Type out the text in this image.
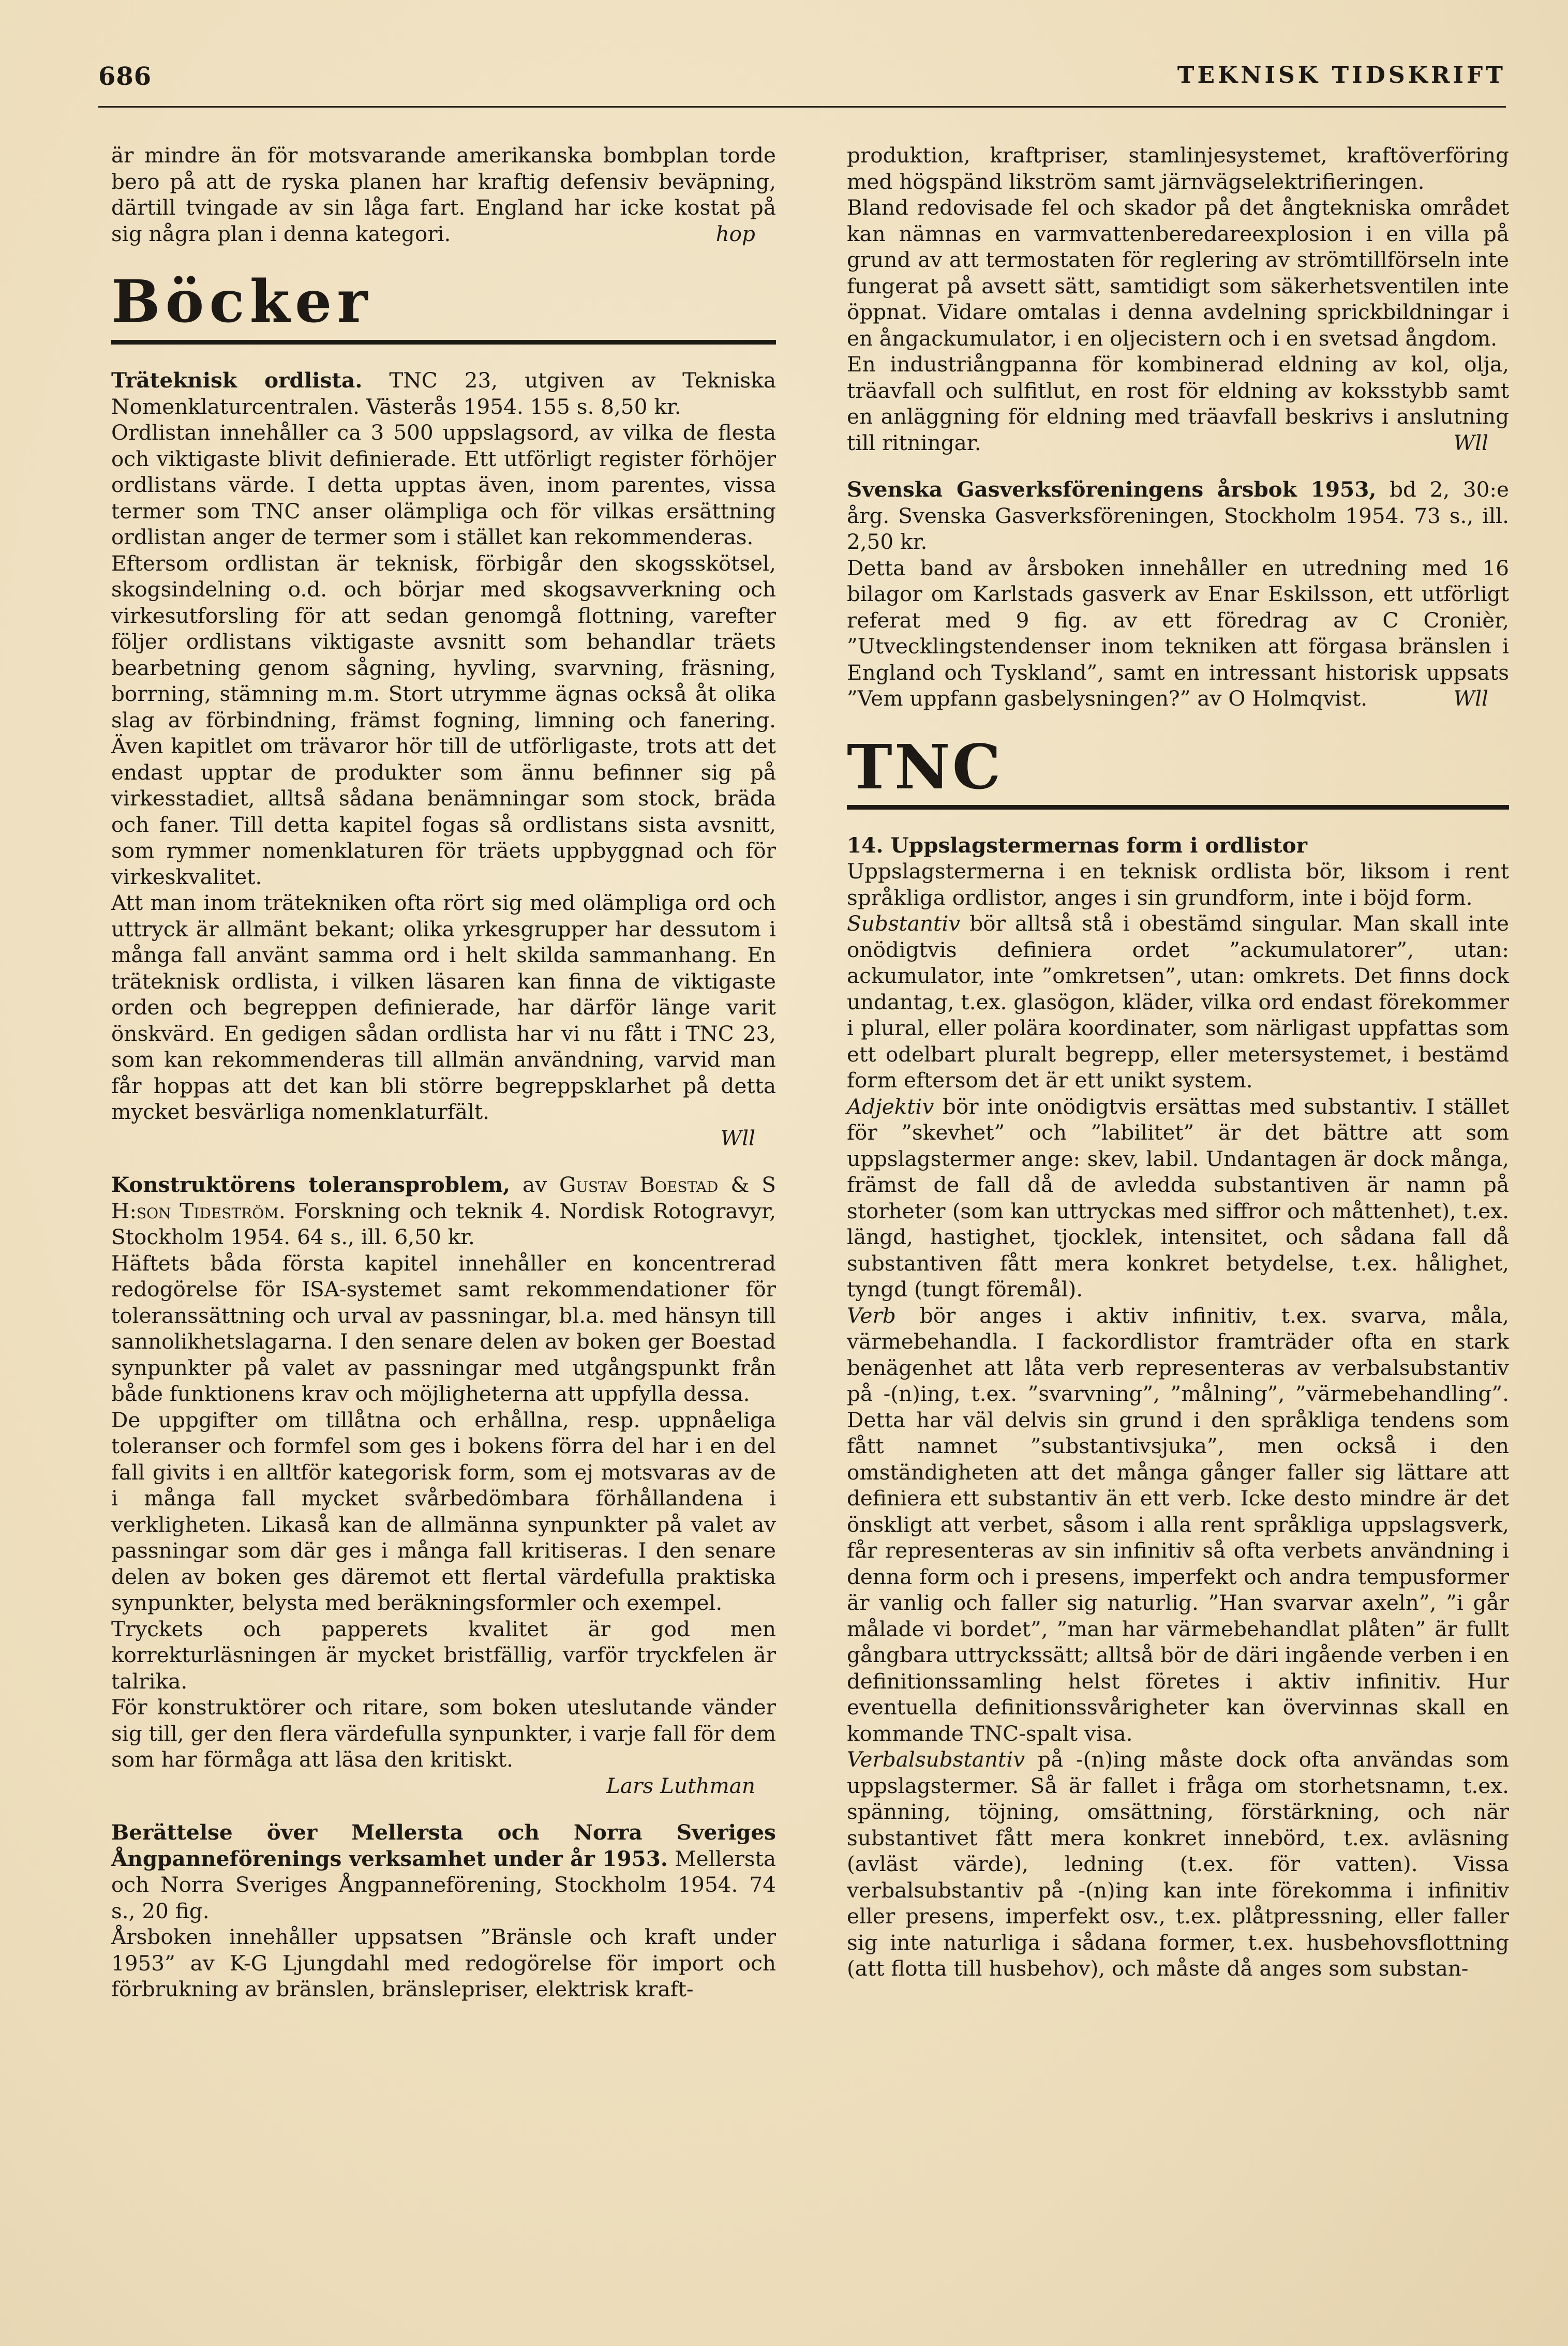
686	TEKNISK TIDSKRIFT

är mindre än för motsvarande amerikanska bombplan torde bero på att de ryska planen har kraftig defensiv beväpning, därtill tvingade av sin låga fart. England har icke kostat på sig några plan i denna kategori.	hop

Böcker

Träteknisk ordlista. TNC 23, utgiven av Tekniska Nomenklaturcentralen. Västerås 1954. 155 s. 8,50 kr.

Ordlistan innehåller ca 3 500 uppslagsord, av vilka de flesta och viktigaste blivit definierade. Ett utförligt register förhöjer ordlistans värde. I detta upptas även, inom parentes, vissa termer som TNC anser olämpliga och för vilkas ersättning ordlistan anger de termer som i stället kan rekommenderas.

Eftersom ordlistan är teknisk, förbigår den skogsskötsel, skogsindelning o.d. och börjar med skogsavverkning och virkesutforsling för att sedan genomgå flottning, varefter följer ordlistans viktigaste avsnitt som behandlar träets bearbetning genom sågning, hyvling, svarvning, fräsning, borrning, stämning m.m. Stort utrymme ägnas också åt olika slag av förbindning, främst fogning, limning och fanering. Även kapitlet om trävaror hör till de utförligaste, trots att det endast upptar de produkter som ännu befinner sig på virkesstadiet, alltså sådana benämningar som stock, bräda och faner. Till detta kapitel fogas så ordlistans sista avsnitt, som rymmer nomenklaturen för träets uppbyggnad och för virkeskvalitet.

Att man inom trätekniken ofta rört sig med olämpliga ord och uttryck är allmänt bekant; olika yrkesgrupper har dessutom i många fall använt samma ord i helt skilda sammanhang. En träteknisk ordlista, i vilken läsaren kan finna de viktigaste orden och begreppen definierade, har därför länge varit önskvärd. En gedigen sådan ordlista har vi nu fått i TNC 23, som kan rekommenderas till allmän användning, varvid man får hoppas att det kan bli större begreppsklarhet på detta mycket besvärliga nomenklaturfält.

Wll

Konstruktörens toleransproblem, av Gustav Boestad & S H:son Tideström. Forskning och teknik 4. Nordisk Rotogravyr, Stockholm 1954. 64 s., ill. 6,50 kr.

Häftets båda första kapitel innehåller en koncentrerad redogörelse för ISA-systemet samt rekommendationer för toleranssättning och urval av passningar, bl.a. med hänsyn till sannolikhetslagarna. I den senare delen av boken ger Boestad synpunkter på valet av passningar med utgångspunkt från både funktionens krav och möjligheterna att uppfylla dessa.

De uppgifter om tillåtna och erhållna, resp. uppnåeliga toleranser och formfel som ges i bokens förra del har i en del fall givits i en alltför kategorisk form, som ej motsvaras av de i många fall mycket svårbedömbara förhållandena i verkligheten. Likaså kan de allmänna synpunkter på valet av passningar som där ges i många fall kritiseras. I den senare delen av boken ges däremot ett flertal värdefulla praktiska synpunkter, belysta med beräkningsformler och exempel.

Tryckets och papperets kvalitet är god men korrekturläsningen är mycket bristfällig, varför tryckfelen är talrika.

För konstruktörer och ritare, som boken uteslutande vänder sig till, ger den flera värdefulla synpunkter, i varje fall för dem som har förmåga att läsa den kritiskt.

Lars Luthman

Berättelse över Mellersta och Norra Sveriges Ångpanneförenings verksamhet under år 1953. Mellersta och Norra Sveriges Ångpanneförening, Stockholm 1954. 74 s., 20 fig.

Årsboken innehåller uppsatsen ”Bränsle och kraft under 1953” av K-G Ljungdahl med redogörelse för import och förbrukning av bränslen, bränslepriser, elektrisk kraft-

produktion, kraftpriser, stamlinjesystemet, kraftöverföring med högspänd likström samt järnvägselektrifieringen.

Bland redovisade fel och skador på det ångtekniska området kan nämnas en varmvattenberedareexplosion i en villa på grund av att termostaten för reglering av strömtillförseln inte fungerat på avsett sätt, samtidigt som säkerhetsventilen inte öppnat. Vidare omtalas i denna avdelning sprickbildningar i en ångackumulator, i en oljecistern och i en svetsad ångdom.

En industriångpanna för kombinerad eldning av kol, olja, träavfall och sulfitlut, en rost för eldning av koksstybb samt en anläggning för eldning med träavfall beskrivs i anslutning till ritningar.	Wll

Svenska Gasverksföreningens årsbok 1953, bd 2, 30:e årg. Svenska Gasverksföreningen, Stockholm 1954. 73 s., ill. 2,50 kr.

Detta band av årsboken innehåller en utredning med 16 bilagor om Karlstads gasverk av Enar Eskilsson, ett utförligt referat med 9 fig. av ett föredrag av C Cronièr, ”Utvecklingstendenser inom tekniken att förgasa bränslen i England och Tyskland”, samt en intressant historisk uppsats ”Vem uppfann gasbelysningen?” av O Holmqvist.	Wll

TNC

14. Uppslagstermernas form i ordlistor

Uppslagstermerna i en teknisk ordlista bör, liksom i rent språkliga ordlistor, anges i sin grundform, inte i böjd form.

Substantiv bör alltså stå i obestämd singular. Man skall inte onödigtvis definiera ordet ”ackumulatorer”, utan: ackumulator, inte ”omkretsen”, utan: omkrets. Det finns dock undantag, t.ex. glasögon, kläder, vilka ord endast förekommer i plural, eller polära koordinater, som närligast uppfattas som ett odelbart pluralt begrepp, eller metersystemet, i bestämd form eftersom det är ett unikt system.

Adjektiv bör inte onödigtvis ersättas med substantiv. I stället för ”skevhet” och ”labilitet” är det bättre att som uppslagstermer ange: skev, labil. Undantagen är dock många, främst de fall då de avledda substantiven är namn på storheter (som kan uttryckas med siffror och måttenhet), t.ex. längd, hastighet, tjocklek, intensitet, och sådana fall då substantiven fått mera konkret betydelse, t.ex. hålighet, tyngd (tungt föremål).

Verb bör anges i aktiv infinitiv, t.ex. svarva, måla, värmebehandla. I fackordlistor framträder ofta en stark benägenhet att låta verb representeras av verbalsubstantiv på -(n)ing, t.ex. ”svarvning”, ”målning”, ”värmebehandling”. Detta har väl delvis sin grund i den språkliga tendens som fått namnet ”substantivsjuka”, men också i den omständigheten att det många gånger faller sig lättare att definiera ett substantiv än ett verb. Icke desto mindre är det önskligt att verbet, såsom i alla rent språkliga uppslagsverk, får representeras av sin infinitiv så ofta verbets användning i denna form och i presens, imperfekt och andra tempusformer är vanlig och faller sig naturlig. ”Han svarvar axeln”, ”i går målade vi bordet”, ”man har värmebehandlat plåten” är fullt gångbara uttryckssätt; alltså bör de däri ingående verben i en definitionssamling helst företes i aktiv infinitiv. Hur eventuella definitionssvårigheter kan övervinnas skall en kommande TNC-spalt visa.

Verbalsubstantiv på -(n)ing måste dock ofta användas som uppslagstermer. Så är fallet i fråga om storhetsnamn, t.ex. spänning, töjning, omsättning, förstärkning, och när substantivet fått mera konkret innebörd, t.ex. avläsning (avläst värde), ledning (t.ex. för vatten). Vissa verbalsubstantiv på -(n)ing kan inte förekomma i infinitiv eller presens, imperfekt osv., t.ex. plåtpressning, eller faller sig inte naturliga i sådana former, t.ex. husbehovsflottning (att flotta till husbehov), och måste då anges som substan-
